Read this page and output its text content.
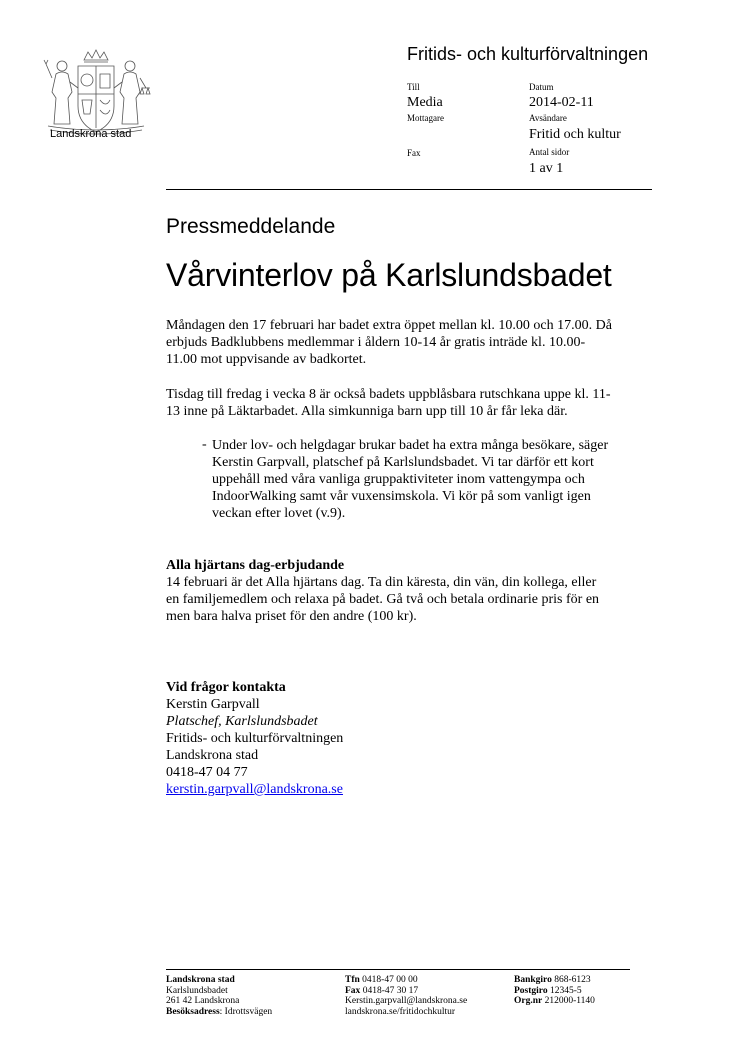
Landskrona stad
Fritids- och kulturförvaltningen
Till
Media
Mottagare
Fax
Datum
2014-02-11
Avsändare
Fritid och kultur
Antal sidor
1 av 1
Pressmeddelande
Vårvinterlov på Karlslundsbadet
Måndagen den 17 februari har badet extra öppet mellan kl. 10.00 och 17.00. Då
erbjuds Badklubbens medlemmar i åldern 10-14 år gratis inträde kl. 10.00-
11.00 mot uppvisande av badkortet.
Tisdag till fredag i vecka 8 är också badets uppblåsbara rutschkana uppe kl. 11-
13 inne på Läktarbadet. Alla simkunniga barn upp till 10 år får leka där.
- Under lov- och helgdagar brukar badet ha extra många besökare, säger
Kerstin Garpvall, platschef på Karlslundsbadet. Vi tar därför ett kort
uppehåll med våra vanliga gruppaktiviteter inom vattengympa och
IndoorWalking samt vår vuxensimskola. Vi kör på som vanligt igen
veckan efter lovet (v.9).
Alla hjärtans dag-erbjudande
14 februari är det Alla hjärtans dag. Ta din käresta, din vän, din kollega, eller
en familjemedlem och relaxa på badet. Gå två och betala ordinarie pris för en
men bara halva priset för den andre (100 kr).
Vid frågor kontakta
Kerstin Garpvall
Platschef, Karlslundsbadet
Fritids- och kulturförvaltningen
Landskrona stad
0418-47 04 77
kerstin.garpvall@landskrona.se
Landskrona stad
Karlslundsbadet
261 42 Landskrona
Besöksadress: Idrottsvägen
Tfn 0418-47 00 00
Fax 0418-47 30 17
Kerstin.garpvall@landskrona.se
landskrona.se/fritidochkultur
Bankgiro 868-6123
Postgiro 12345-5
Org.nr 212000-1140
